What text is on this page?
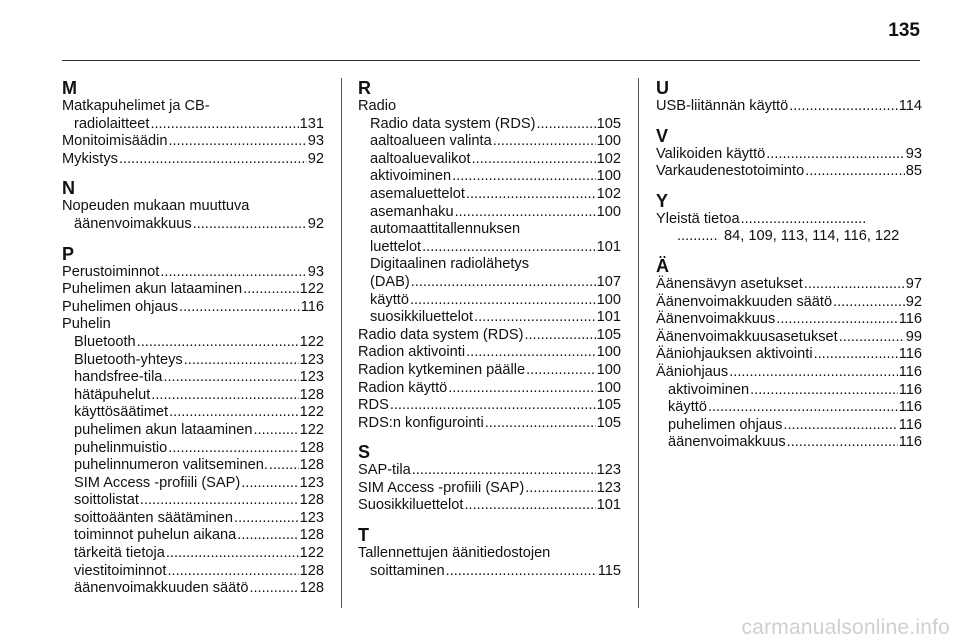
135
M
Matkapuhelimet ja CB-
radiolaitteet .....	131
Monitoimisäädin .....	93
Mykistys .....	92
N
Nopeuden mukaan muuttuva
äänenvoimakkuus .....	92
P
Perustoiminnot .....	93
Puhelimen akun lataaminen .....	122
Puhelimen ohjaus .....	116
Puhelin
Bluetooth .....	122
Bluetooth-yhteys .....	123
handsfree-tila .....	123
hätäpuhelut .....	128
käyttösäätimet .....	122
puhelimen akun lataaminen .....	122
puhelinmuistio .....	128
puhelinnumeron valitseminen. ..... 128
SIM Access -profiili (SAP) .....	123
soittolistat .....	128
soittoäänten säätäminen .....	123
toiminnot puhelun aikana .....	128
tärkeitä tietoja .....	122
viestitoiminnot .....	128
äänenvoimakkuuden säätö .....	128
R
Radio
Radio data system (RDS) .....	105
aaltoalueen valinta .....	100
aaltoaluevalikot .....	102
aktivoiminen .....	100
asemaluettelot .....	102
asemanhaku .....	100
automaattitallennuksen
luettelot .....	101
Digitaalinen radiolähetys
(DAB) .....	107
käyttö .....	100
suosikkiluettelot .....	101
Radio data system (RDS) .....	105
Radion aktivointi .....	100
Radion kytkeminen päälle .....	100
Radion käyttö .....	100
RDS .....	105
RDS:n konfigurointi .....	105
S
SAP-tila .....	123
SIM Access -profiili (SAP) .....	123
Suosikkiluettelot .....	101
T
Tallennettujen äänitiedostojen
soittaminen .....	115
U
USB-liitännän käyttö .....	114
V
Valikoiden käyttö .....	93
Varkaudenestotoiminto .....	85
Y
Yleistä tietoa
.....
.....
84, 109, 113, 114, 116, 122
Ä
Äänensävyn asetukset .....	97
Äänenvoimakkuuden säätö .....	92
Äänenvoimakkuus .....	116
Äänenvoimakkuusasetukset .....	99
Ääniohjauksen aktivointi .....	116
Ääniohjaus .....	116
aktivoiminen .....	116
käyttö .....	116
puhelimen ohjaus .....	116
äänenvoimakkuus .....	116
carmanualsonline.info
